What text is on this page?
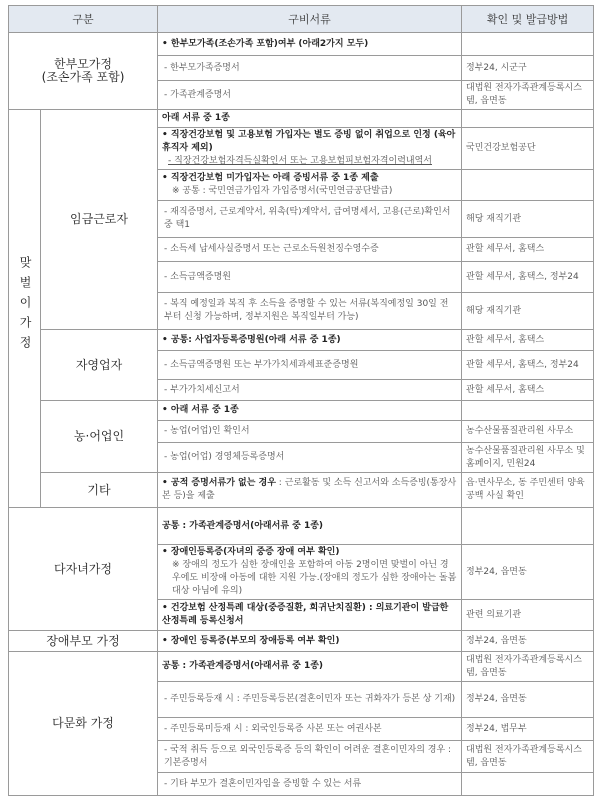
구분		구비서류	확인 및 발급방법
한부모가정
(조손가족 포함)		• 한부모가족(조손가족 포함)여부 (아래2가지 모두)	
		- 한부모가족증명서	정부24, 시군구
		- 가족관계증명서	대법원 전자가족관계등록시스템, 읍면동
맞벌이가정	임금근로자	아래 서류 중 1종	

		• 직장건강보험 및 고용보험 가입자는 별도 증빙 없이 취업으로 인정 (육아휴직자 제외)
- 직장건강보험자격득실확인서 또는 고용보험피보험자격이력내역서	국민건강보험공단

		• 직장건강보험 미가입자는 아래 증빙서류 중 1종 제출
※ 공통 : 국민연금가입자 가입증명서(국민연금공단발급)	

		- 재직증명서, 근로계약서, 위촉(탁)계약서, 급여명세서, 고용(근로)확인서 중 택1	해당 재직기관
		- 소득세 납세사실증명서 또는 근로소득원천징수영수증	관할 세무서, 홈택스
		- 소득금액증명원	관할 세무서, 홈택스, 정부24
		- 복직 예정일과 복직 후 소득을 증명할 수 있는 서류(복직예정일 30일 전부터 신청 가능하며, 정부지원은 복직일부터 가능)	해당 재직기관
	자영업자	• 공통: 사업자등록증명원(아래 서류 중 1종)	관할 세무서, 홈택스
		- 소득금액증명원 또는 부가가치세과세표준증명원	관할 세무서, 홈택스, 정부24
		- 부가가치세신고서	관할 세무서, 홈택스
	농·어업인	• 아래 서류 중 1종	
		- 농업(어업)인 확인서	농수산물품질관리원 사무소
		- 농업(어업) 경영체등록증명서	농수산물품질관리원 사무소 및 홈페이지, 민원24
	기타	• 공적 증명서류가 없는 경우 : 근로활동 및 소득 신고서와 소득증빙(통장사본 등)을 제출	읍·면사무소, 동 주민센터 양육공백 사실 확인
다자녀가정		공통 : 가족관계증명서(아래서류 중 1종)	

		• 장애인등록증(자녀의 중증 장애 여부 확인)
※ 장애의 정도가 심한 장애인을 포함하여 아동 2명이면 맞벌이 아닌 경우에도 비장애 아동에 대한 지원 가능.(장애의 정도가 심한 장애아는 돌봄대상 아님에 유의)	정부24, 읍면동
		• 건강보험 산정특례 대상(중증질환, 희귀난치질환) : 의료기관이 발급한 산정특례 등록신청서	관련 의료기관
장애부모 가정		• 장애인 등록증(부모의 장애등록 여부 확인)	정부24, 읍면동
다문화 가정		공통 : 가족관계증명서(아래서류 중 1종)	대법원 전자가족관계등록시스템, 읍면동
		- 주민등록등재 시 : 주민등록등본(결혼이민자 또는 귀화자가 등본 상 기재)	정부24, 읍면동
		- 주민등록미등재 시 : 외국인등록증 사본 또는 여권사본	정부24, 법무부
		- 국적 취득 등으로 외국인등록증 등의 확인이 어려운 결혼이민자의 경우 : 기본증명서	대법원 전자가족관계등록시스템, 읍면동
		- 기타 부모가 결혼이민자임을 증빙할 수 있는 서류	
